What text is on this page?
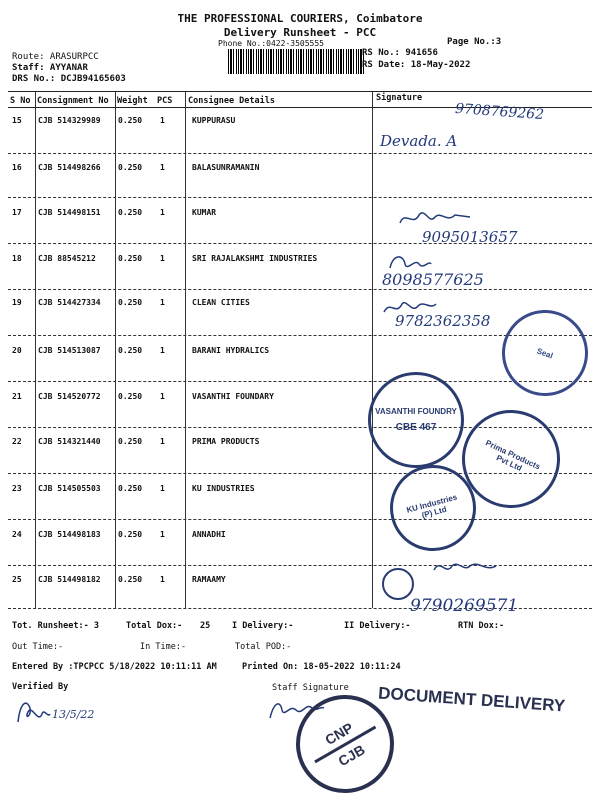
THE PROFESSIONAL COURIERS, Coimbatore
Delivery Runsheet - PCC
Phone No.:0422-3505555	Page No.:3
Route: ARASURPCC
Staff: AYYANAR
DRS No.: DCJB94165603
RS No.: 941656
RS Date: 18-May-2022
S No Consignment No Weight PCS Consignee Details	Signature
15 CJB 514329989 0.250 1	KUPPURASU
16 CJB 514498266 0.250 1	BALASUNRAMANIN
17 CJB 514498151 0.250 1	KUMAR
18 CJB 88545212	0.250 1	SRI RAJALAKSHMI INDUSTRIES
19 CJB 514427334 0.250 1	CLEAN CITIES
20 CJB 514513087 0.250 1	BARANI HYDRALICS
21 CJB 514520772 0.250 1	VASANTHI FOUNDARY
22 CJB 514321440 0.250 1	PRIMA PRODUCTS
23 CJB 514505503 0.250 1	KU INDUSTRIES
24 CJB 514498183 0.250 1	ANNADHI
25 CJB 514498182 0.250 1	RAMAAMY
9708769262
Devada. A
9095013657
8098577625
9782362358
9790269571
Seal
VASANTHI FOUNDRY
CBE 467
Prima Products Pvt Ltd
KU Industries (P) Ltd
Tot. Runsheet:- 3	Total Dox:- 25	I Delivery:-	II Delivery:-	RTN Dox:-
Out Time:-	In Time:-	Total POD:-
Entered By :TPCPCC 5/18/2022 10:11:11 AM	Printed On: 18-05-2022 10:11:24
Verified By
13/5/22
Staff Signature
CNP
CJB
DOCUMENT DELIVERY
